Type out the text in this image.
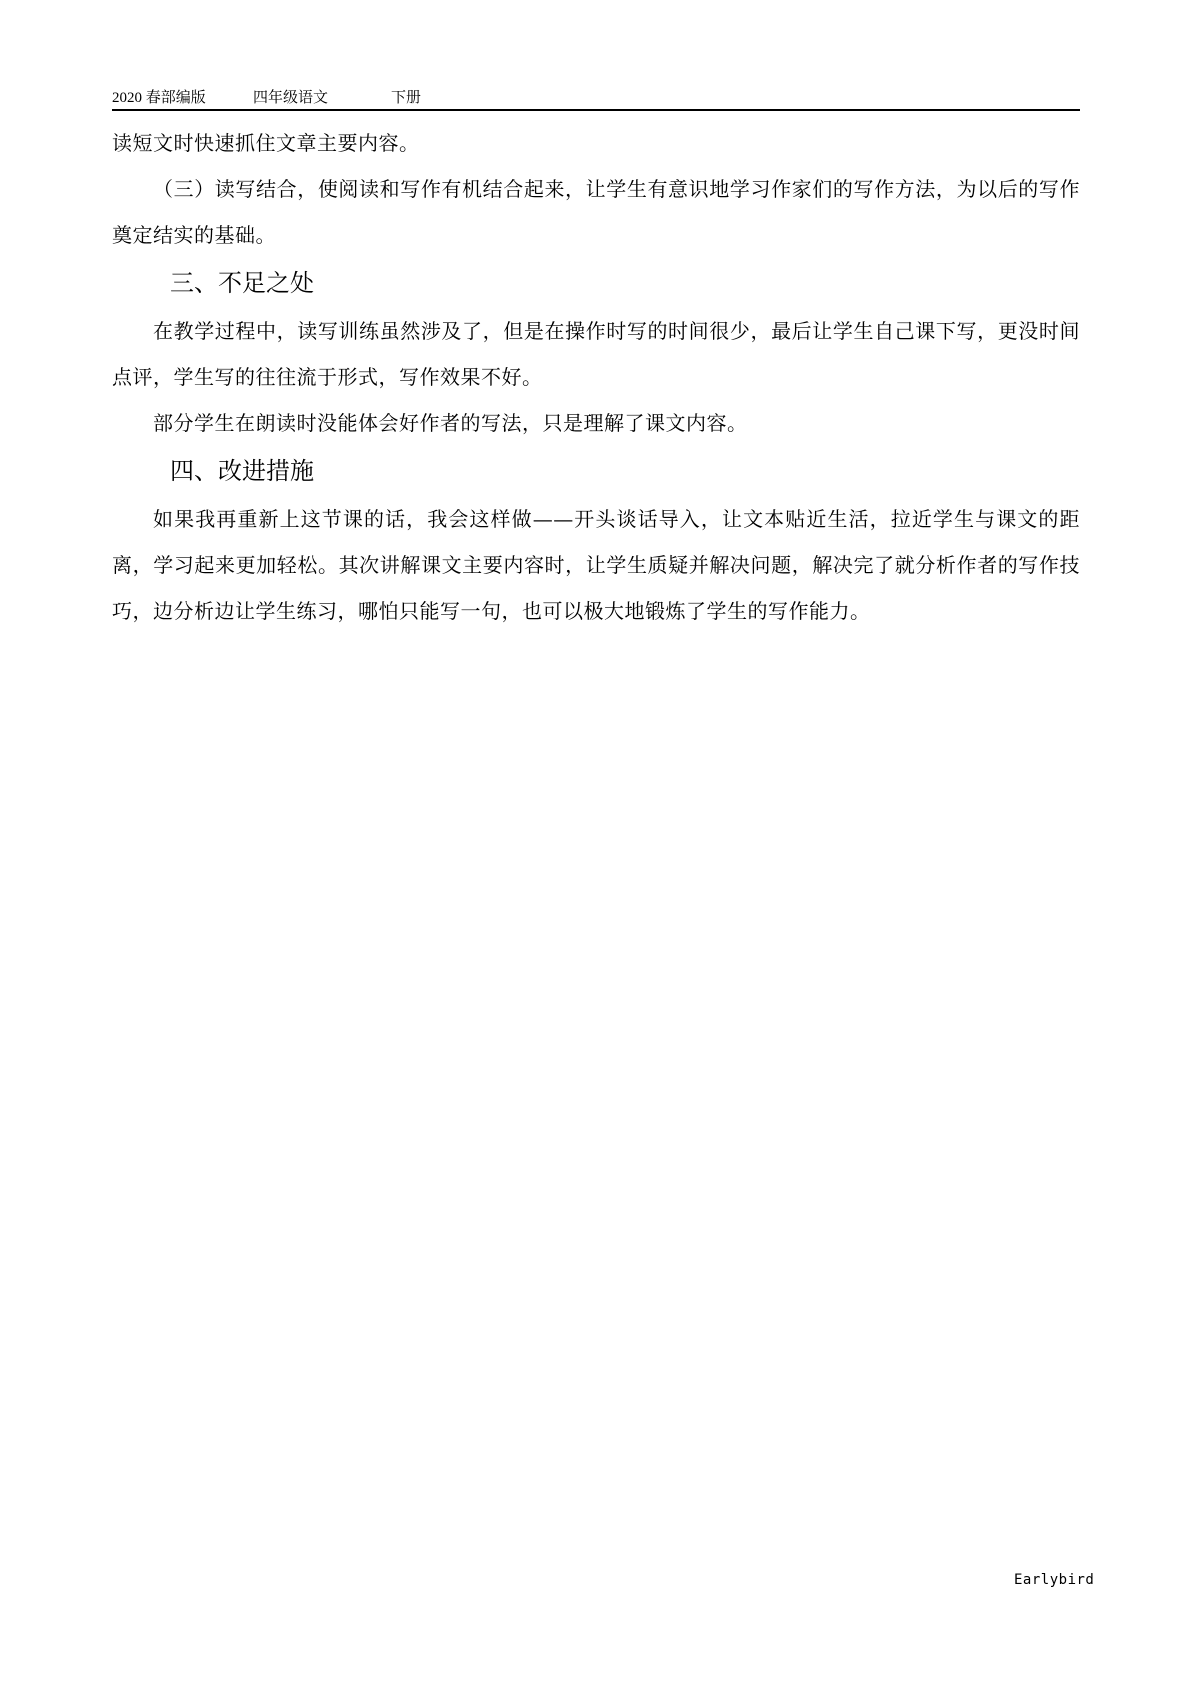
2020 春部编版	四年级语文	下册

读短文时快速抓住文章主要内容。

（三）读写结合，使阅读和写作有机结合起来，让学生有意识地学习作家们的写作方法，为以后的写作奠定结实的基础。

三、不足之处

在教学过程中，读写训练虽然涉及了，但是在操作时写的时间很少，最后让学生自己课下写，更没时间点评，学生写的往往流于形式，写作效果不好。

部分学生在朗读时没能体会好作者的写法，只是理解了课文内容。

四、改进措施

如果我再重新上这节课的话，我会这样做——开头谈话导入，让文本贴近生活，拉近学生与课文的距离，学习起来更加轻松。其次讲解课文主要内容时，让学生质疑并解决问题，解决完了就分析作者的写作技巧，边分析边让学生练习，哪怕只能写一句，也可以极大地锻炼了学生的写作能力。

Earlybird
